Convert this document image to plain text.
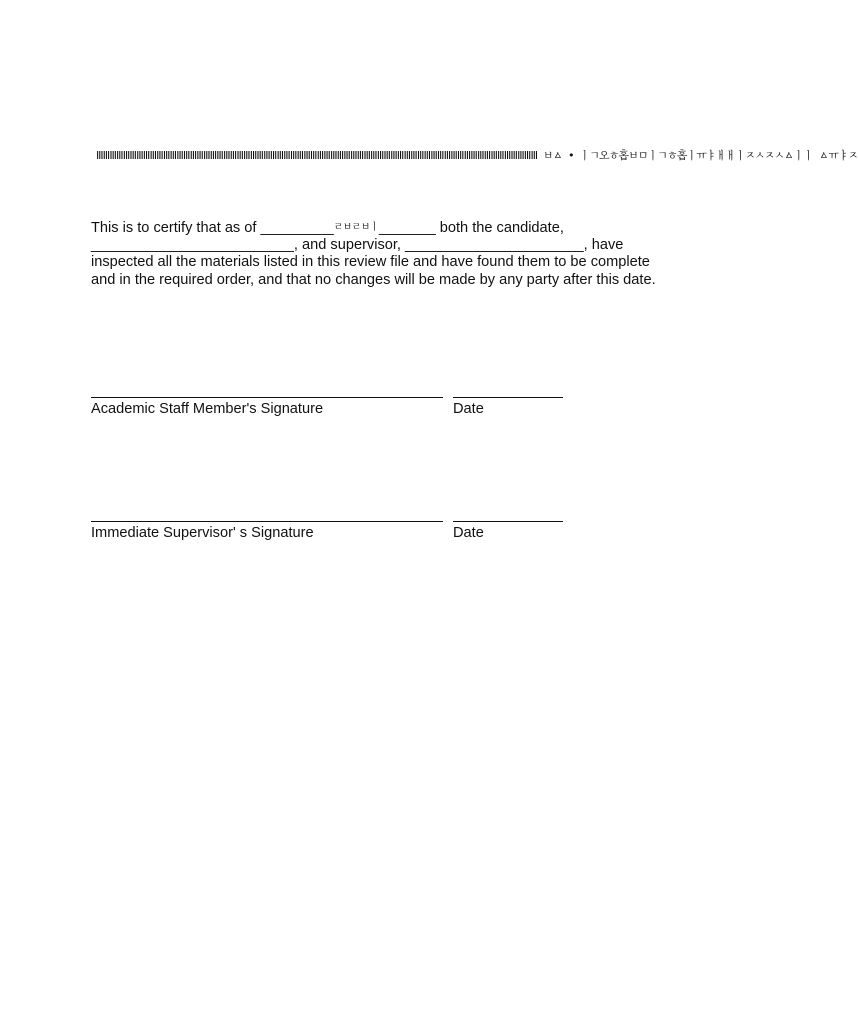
ⅢⅢⅢⅢⅢⅢⅢⅢⅢⅢⅢⅢⅢⅢⅢⅢⅢⅢⅢⅢⅢⅢⅢⅢⅢⅢⅢⅢⅢⅢⅢⅢⅢⅢⅢⅢⅢⅢⅢⅢⅢⅢⅢⅢⅢⅢⅢⅢⅢⅢⅢⅢⅢⅢⅢⅢⅢⅢⅢⅢⅢⅢⅢⅢⅢⅢ ㅂㅿ • ㅣㄱ오ㅎ홉ㅂㅁㅣㄱㅎ홉ㅣㅠㅑㅐㅐㅣㅈㅅㅈㅅㅿㅣㅣ ㅿㅠㅑㅈ
This is to certify that as of _________ㄹㅂㄹㅂㅣ_______ both the candidate,
_________________________, and supervisor, ______________________, have
inspected all the materials listed in this review file and have found them to be complete
and in the required order, and that no changes will be made by any party after this date.
Academic Staff Member's Signature	Date
Immediate Supervisor' s Signature	Date
